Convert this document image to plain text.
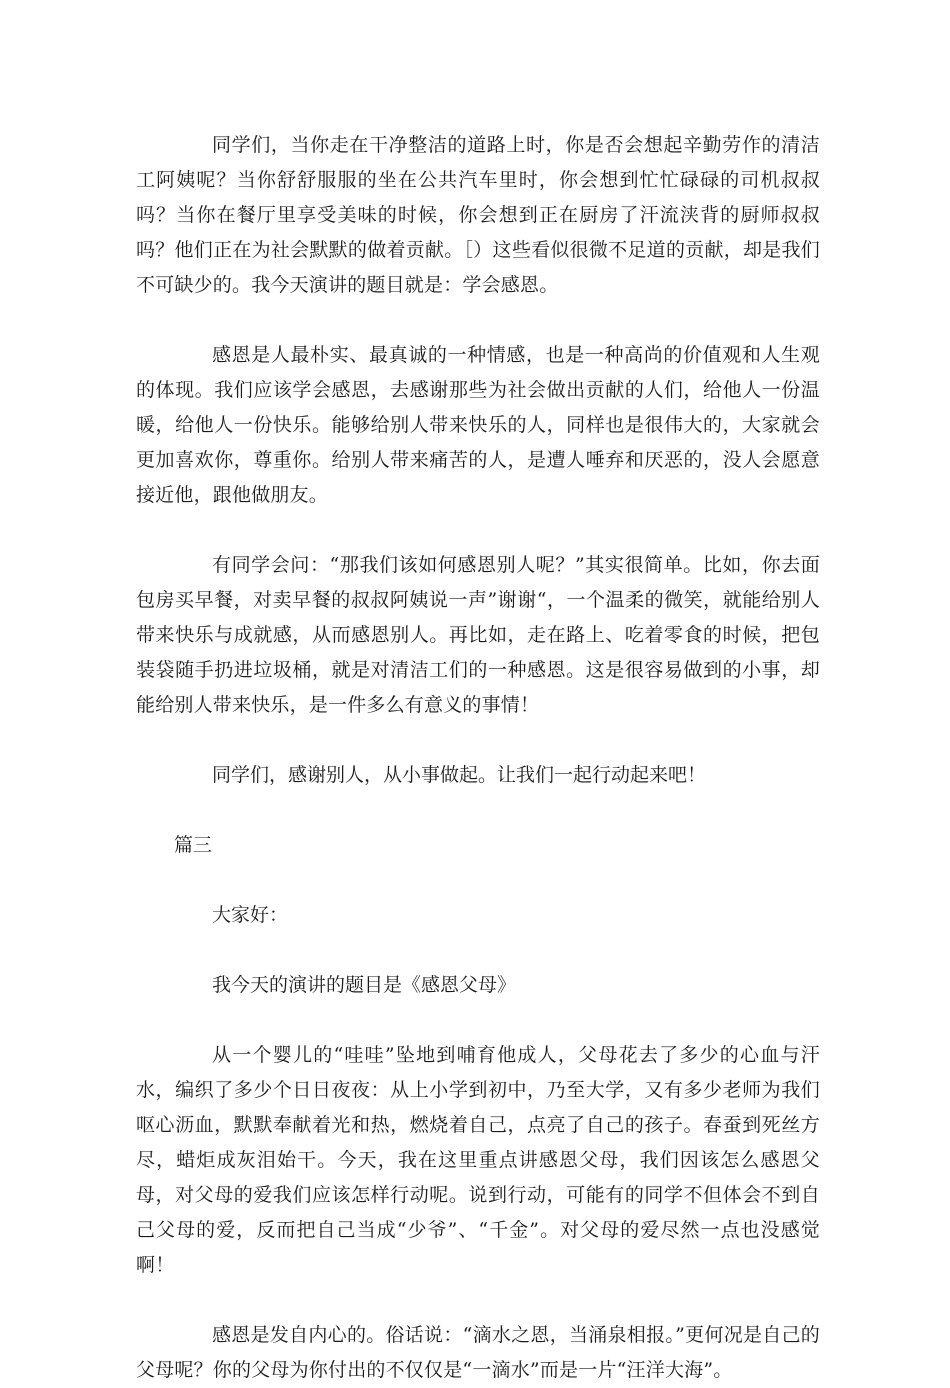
同学们，当你走在干净整洁的道路上时，你是否会想起辛勤劳作的清洁工阿姨呢？当你舒舒服服的坐在公共汽车里时，你会想到忙忙碌碌的司机叔叔吗？当你在餐厅里享受美味的时候，你会想到正在厨房了汗流浃背的厨师叔叔吗？他们正在为社会默默的做着贡献。［）这些看似很微不足道的贡献，却是我们不可缺少的。我今天演讲的题目就是：学会感恩。

感恩是人最朴实、最真诚的一种情感，也是一种高尚的价值观和人生观的体现。我们应该学会感恩，去感谢那些为社会做出贡献的人们，给他人一份温暖，给他人一份快乐。能够给别人带来快乐的人，同样也是很伟大的，大家就会更加喜欢你，尊重你。给别人带来痛苦的人，是遭人唾弃和厌恶的，没人会愿意接近他，跟他做朋友。

有同学会问：“那我们该如何感恩别人呢？”其实很简单。比如，你去面包房买早餐，对卖早餐的叔叔阿姨说一声”谢谢“，一个温柔的微笑，就能给别人带来快乐与成就感，从而感恩别人。再比如，走在路上、吃着零食的时候，把包装袋随手扔进垃圾桶，就是对清洁工们的一种感恩。这是很容易做到的小事，却能给别人带来快乐，是一件多么有意义的事情！

同学们，感谢别人，从小事做起。让我们一起行动起来吧！

篇三

大家好：

我今天的演讲的题目是《感恩父母》

从一个婴儿的“哇哇”坠地到哺育他成人，父母花去了多少的心血与汗水，编织了多少个日日夜夜：从上小学到初中，乃至大学，又有多少老师为我们呕心沥血，默默奉献着光和热，燃烧着自己，点亮了自己的孩子。春蚕到死丝方尽，蜡炬成灰泪始干。今天，我在这里重点讲感恩父母，我们因该怎么感恩父母，对父母的爱我们应该怎样行动呢。说到行动，可能有的同学不但体会不到自己父母的爱，反而把自己当成“少爷”、“千金”。对父母的爱尽然一点也没感觉啊！

感恩是发自内心的。俗话说：“滴水之恩，当涌泉相报。”更何况是自己的父母呢？你的父母为你付出的不仅仅是“一滴水”而是一片“汪洋大海”。
